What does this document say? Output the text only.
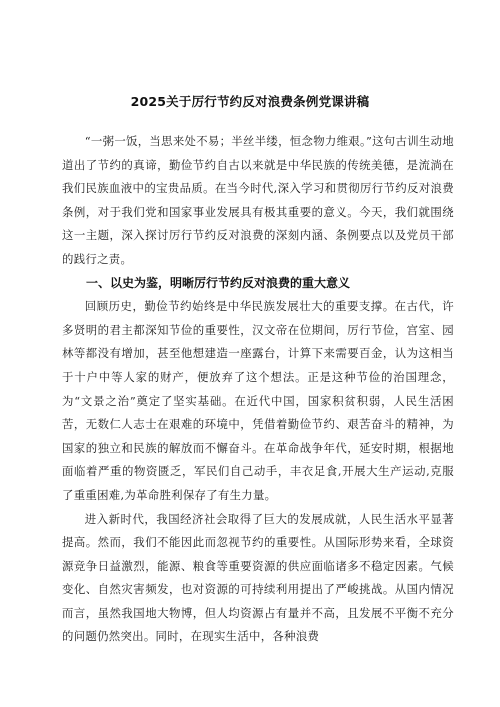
2025关于厉行节约反对浪费条例党课讲稿

“一粥一饭，当思来处不易；半丝半缕，恒念物力维艰。”这句古训生动地道出了节约的真谛，勤俭节约自古以来就是中华民族的传统美德，是流淌在我们民族血液中的宝贵品质。在当今时代,深入学习和贯彻厉行节约反对浪费条例，对于我们党和国家事业发展具有极其重要的意义。今天，我们就围绕这一主题，深入探讨厉行节约反对浪费的深刻内涵、条例要点以及党员干部的践行之责。

一、以史为鉴，明晰厉行节约反对浪费的重大意义

回顾历史，勤俭节约始终是中华民族发展壮大的重要支撑。在古代，许多贤明的君主都深知节俭的重要性，汉文帝在位期间，厉行节俭，宫室、园林等都没有增加，甚至他想建造一座露台，计算下来需要百金，认为这相当于十户中等人家的财产，便放弃了这个想法。正是这种节俭的治国理念，为“文景之治”奠定了坚实基础。在近代中国，国家积贫积弱，人民生活困苦，无数仁人志士在艰难的环境中，凭借着勤俭节约、艰苦奋斗的精神，为国家的独立和民族的解放而不懈奋斗。在革命战争年代，延安时期，根据地面临着严重的物资匮乏，军民们自己动手，丰衣足食,开展大生产运动,克服了重重困难,为革命胜利保存了有生力量。

进入新时代，我国经济社会取得了巨大的发展成就，人民生活水平显著提高。然而，我们不能因此而忽视节约的重要性。从国际形势来看，全球资源竞争日益激烈，能源、粮食等重要资源的供应面临诸多不稳定因素。气候变化、自然灾害频发，也对资源的可持续利用提出了严峻挑战。从国内情况而言，虽然我国地大物博，但人均资源占有量并不高，且发展不平衡不充分的问题仍然突出。同时，在现实生活中，各种浪费
